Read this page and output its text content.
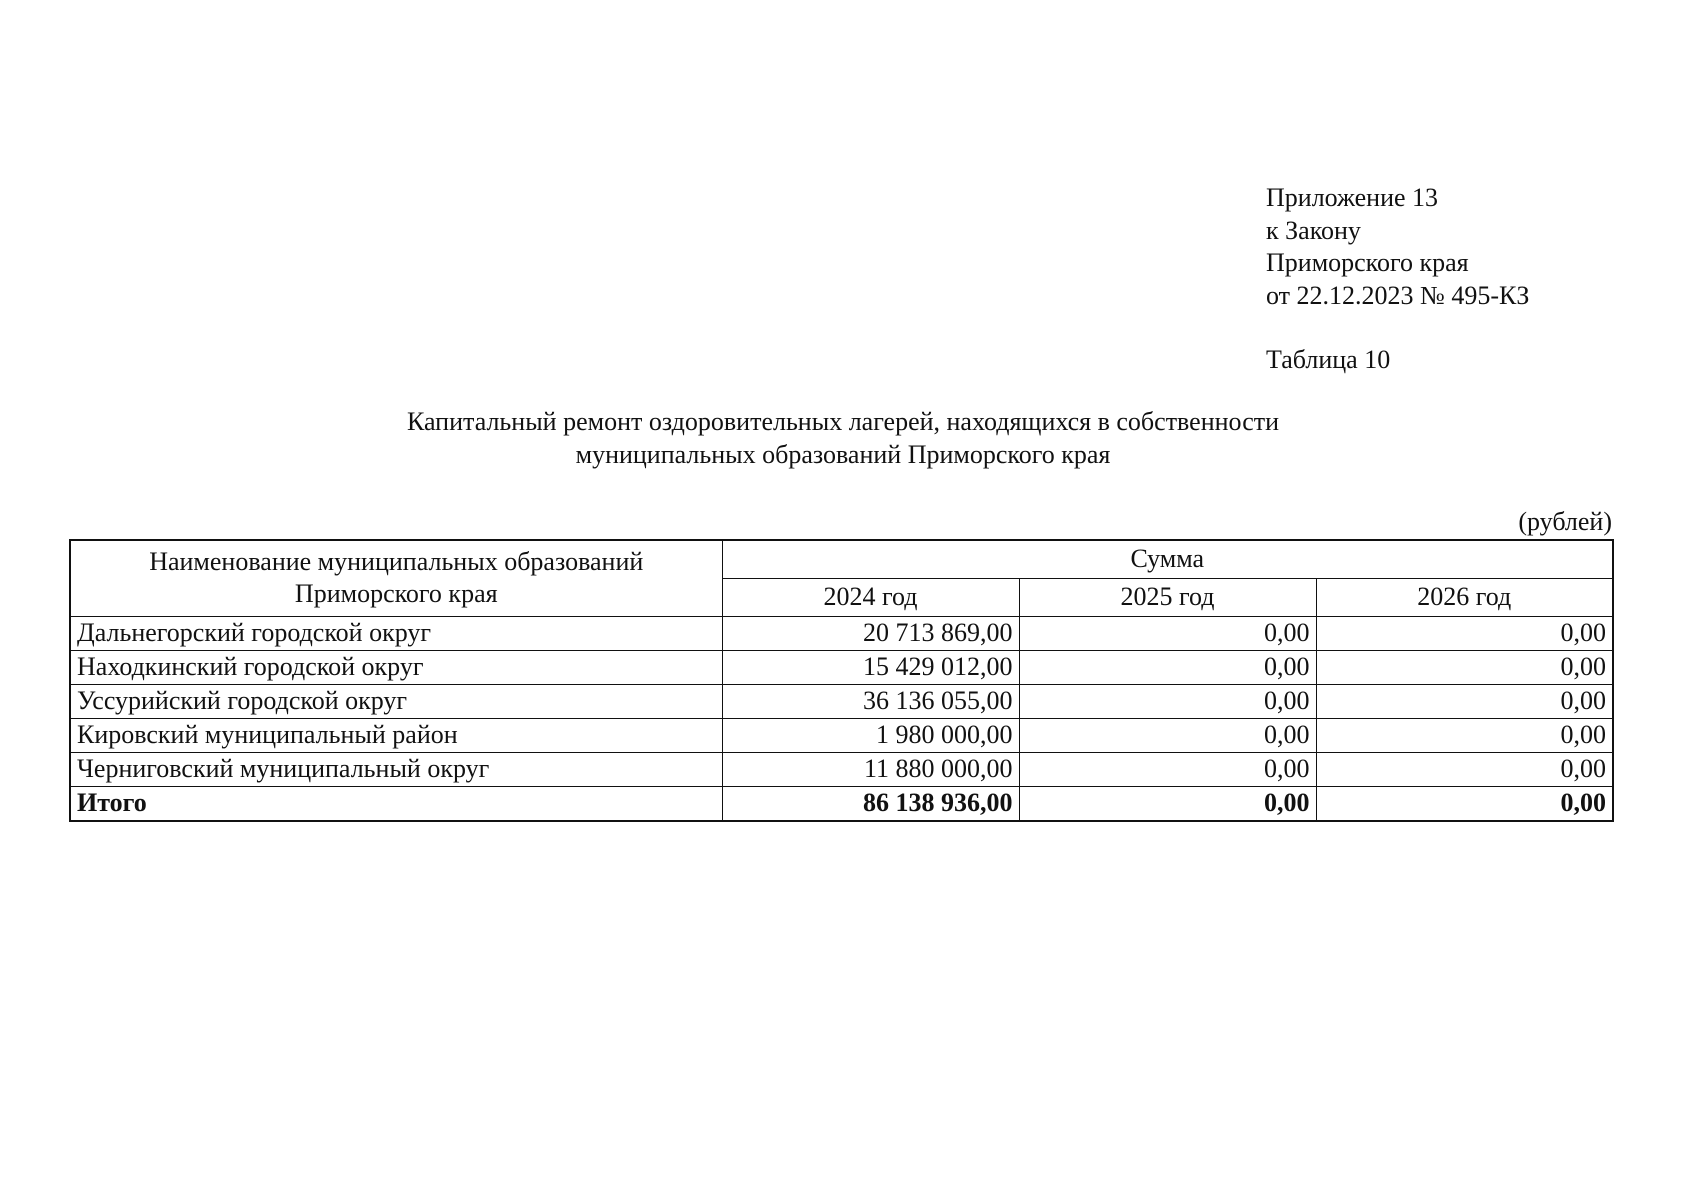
Приложение 13
к Закону
Приморского края
от 22.12.2023 № 495-КЗ
Таблица 10
Капитальный ремонт оздоровительных лагерей, находящихся в собственности
муниципальных образований Приморского края
(рублей)
Наименование муниципальных образований
Приморского края	Сумма		
	2024 год	2025 год	2026 год
Дальнегорский городской округ	20 713 869,00	0,00	0,00
Находкинский городской округ	15 429 012,00	0,00	0,00
Уссурийский городской округ	36 136 055,00	0,00	0,00
Кировский муниципальный район	1 980 000,00	0,00	0,00
Черниговский муниципальный округ	11 880 000,00	0,00	0,00
Итого	86 138 936,00	0,00	0,00
